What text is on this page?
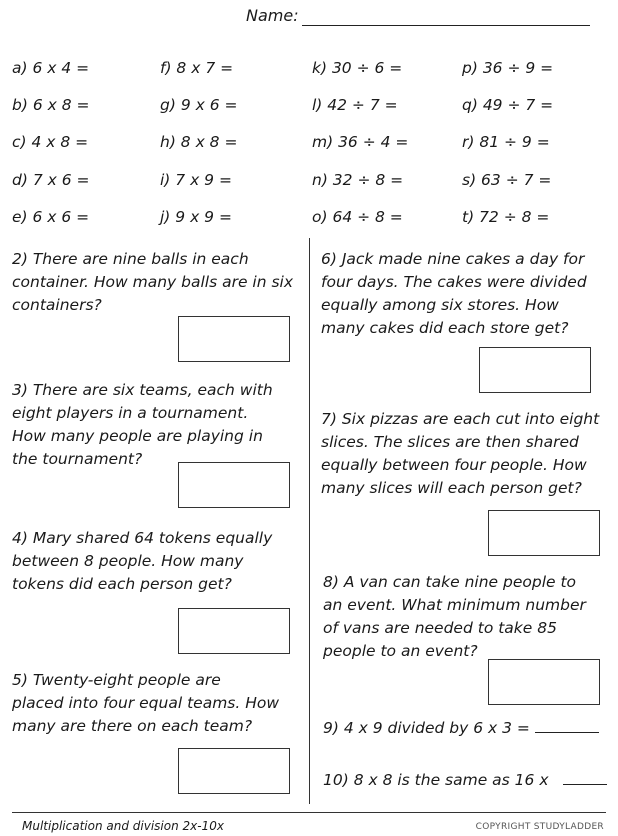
Name:
a) 6 x 4 =
b) 6 x 8 =
c) 4 x 8 =
d) 7 x 6 =
e) 6 x 6 =
f) 8 x 7 =
g) 9 x 6 =
h) 8 x 8 =
i) 7 x 9 =
j) 9 x 9 =
k) 30 ÷ 6 =
l) 42 ÷ 7 =
m) 36 ÷ 4 =
n) 32 ÷ 8 =
o) 64 ÷ 8 =
p) 36 ÷ 9 =
q) 49 ÷ 7 =
r) 81 ÷ 9 =
s) 63 ÷ 7 =
t) 72 ÷ 8 =
2) There are nine balls in each
container. How many balls are in six
containers?
3) There are six teams, each with
eight players in a tournament.
How many people are playing in
the tournament?
4) Mary shared 64 tokens equally
between 8 people. How many
tokens did each person get?
5) Twenty-eight people are
placed into four equal teams. How
many are there on each team?
6) Jack made nine cakes a day for
four days. The cakes were divided
equally among six stores. How
many cakes did each store get?
7) Six pizzas are each cut into eight
slices. The slices are then shared
equally between four people. How
many slices will each person get?
8) A van can take nine people to
an event. What minimum number
of vans are needed to take 85
people to an event?
9) 4 x 9 divided by 6 x 3 =
10) 8 x 8 is the same as 16 x
Multiplication and division 2x-10x	COPYRIGHT STUDYLADDER
